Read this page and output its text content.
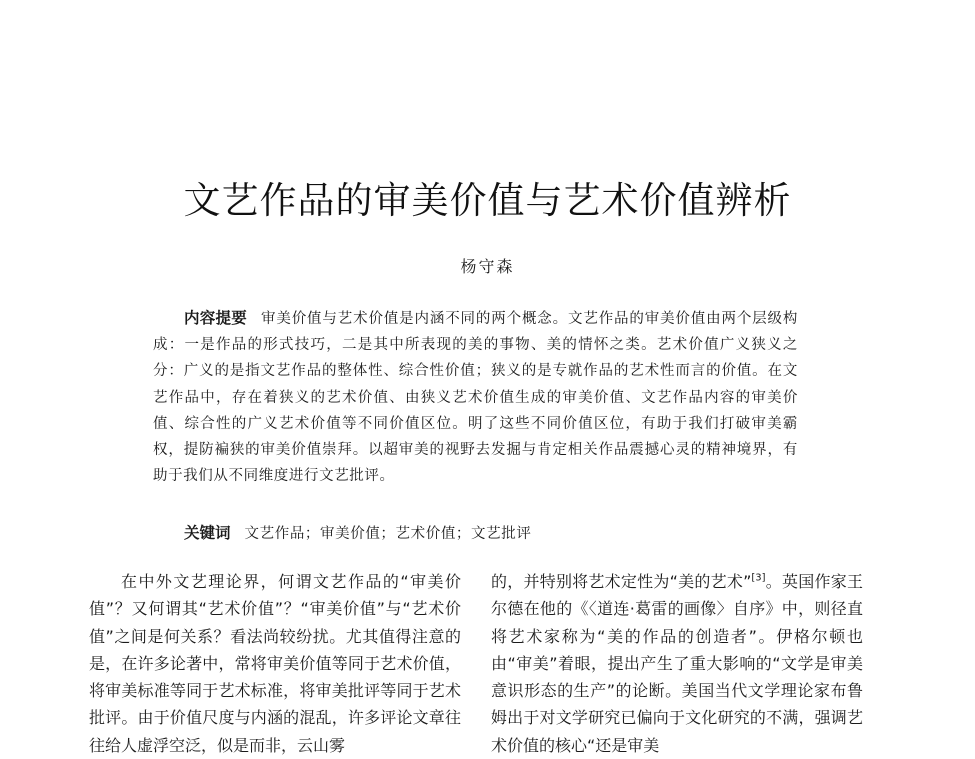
文艺作品的审美价值与艺术价值辨析
杨守森
内容提要 审美价值与艺术价值是内涵不同的两个概念。文艺作品的审美价值由两个层级构成：一是作品的形式技巧，二是其中所表现的美的事物、美的情怀之类。艺术价值广义狭义之分：广义的是指文艺作品的整体性、综合性价值；狭义的是专就作品的艺术性而言的价值。在文艺作品中，存在着狭义的艺术价值、由狭义艺术价值生成的审美价值、文艺作品内容的审美价值、综合性的广义艺术价值等不同价值区位。明了这些不同价值区位，有助于我们打破审美霸权，提防褊狭的审美价值崇拜。以超审美的视野去发掘与肯定相关作品震撼心灵的精神境界，有助于我们从不同维度进行文艺批评。
关键词 文艺作品；审美价值；艺术价值；文艺批评
在中外文艺理论界，何谓文艺作品的“审美价值”？又何谓其“艺术价值”？“审美价值”与“艺术价值”之间是何关系？看法尚较纷扰。尤其值得注意的是，在许多论著中，常将审美价值等同于艺术价值，将审美标准等同于艺术标准，将审美批评等同于艺术批评。由于价值尺度与内涵的混乱，许多评论文章往往给人虚浮空泛，似是而非，云山雾
的，并特别将艺术定性为“美的艺术”[3]。英国作家王尔德在他的《〈道连·葛雷的画像〉自序》中，则径直将艺术家称为“美的作品的创造者”。伊格尔顿也由“审美”着眼，提出产生了重大影响的“文学是审美意识形态的生产”的论断。美国当代文学理论家布鲁姆出于对文学研究已偏向于文化研究的不满，强调艺术价值的核心“还是审美
